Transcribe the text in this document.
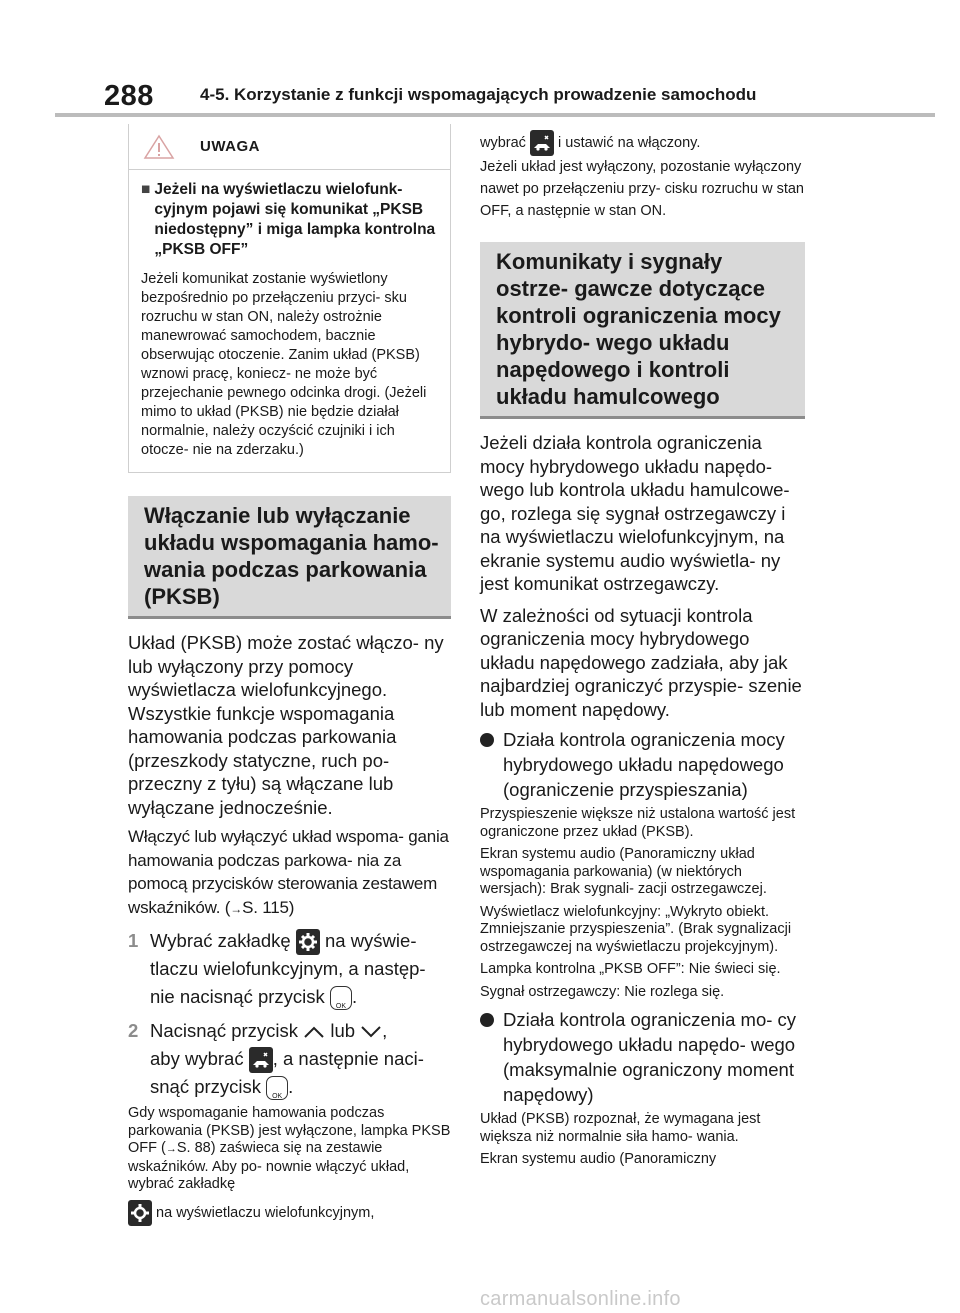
288	4-5. Korzystanie z funkcji wspomagających prowadzenie samochodu
UWAGA
■ Jeżeli na wyświetlaczu wielofunk- cyjnym pojawi się komunikat „PKSB niedostępny” i miga lampka kontrolna „PKSB OFF”
Jeżeli komunikat zostanie wyświetlony bezpośrednio po przełączeniu przyci- sku rozruchu w stan ON, należy ostrożnie manewrować samochodem, bacznie obserwując otoczenie. Zanim układ (PKSB) wznowi pracę, koniecz- ne może być przejechanie pewnego odcinka drogi. (Jeżeli mimo to układ (PKSB) nie będzie działał normalnie, należy oczyścić czujniki i ich otocze- nie na zderzaku.)
Włączanie lub wyłączanie układu wspomagania hamo- wania podczas parkowania (PKSB)
Układ (PKSB) może zostać włączo- ny lub wyłączony przy pomocy wyświetlacza wielofunkcyjnego. Wszystkie funkcje wspomagania hamowania podczas parkowania (przeszkody statyczne, ruch po- przeczny z tyłu) są włączane lub wyłączane jednocześnie.
Włączyć lub wyłączyć układ wspoma- gania hamowania podczas parkowa- nia za pomocą przycisków sterowania zestawem wskaźników. (→S. 115)
1 Wybrać zakładkę na wyświe- tlaczu wielofunkcyjnym, a następ- nie nacisnąć przycisk	OK .
2 Nacisnąć przycisk lub ,
aby wybrać , a następnie naci- snąć przycisk	OK .
Gdy wspomaganie hamowania podczas parkowania (PKSB) jest wyłączone, lampka PKSB OFF (→S. 88) zaświeca się na zestawie wskaźników. Aby po- nownie włączyć układ, wybrać zakładkę
na wyświetlaczu wielofunkcyjnym,
wybrać i ustawić na włączony.
Jeżeli układ jest wyłączony, pozostanie wyłączony nawet po przełączeniu przy- cisku rozruchu w stan OFF, a następnie w stan ON.
Komunikaty i sygnały ostrze- gawcze dotyczące kontroli ograniczenia mocy hybrydo- wego układu napędowego i kontroli układu hamulcowego
Jeżeli działa kontrola ograniczenia mocy hybrydowego układu napędo- wego lub kontrola układu hamulcowe- go, rozlega się sygnał ostrzegawczy i na wyświetlaczu wielofunkcyjnym, na ekranie systemu audio wyświetla- ny jest komunikat ostrzegawczy.
W zależności od sytuacji kontrola ograniczenia mocy hybrydowego układu napędowego zadziała, aby jak najbardziej ograniczyć przyspie- szenie lub moment napędowy.
Działa kontrola ograniczenia mocy hybrydowego układu napędowego (ograniczenie przyspieszania)
Przyspieszenie większe niż ustalona wartość jest ograniczone przez układ (PKSB).
Ekran systemu audio (Panoramiczny układ wspomagania parkowania) (w niektórych wersjach): Brak sygnali- zacji ostrzegawczej.
Wyświetlacz wielofunkcyjny: „Wykryto obiekt. Zmniejszanie przyspieszenia”. (Brak sygnalizacji ostrzegawczej na wyświetlaczu projekcyjnym).
Lampka kontrolna „PKSB OFF”: Nie świeci się.
Sygnał ostrzegawczy: Nie rozlega się.
Działa kontrola ograniczenia mo- cy hybrydowego układu napędo- wego (maksymalnie ograniczony moment napędowy)
Układ (PKSB) rozpoznał, że wymagana jest większa niż normalnie siła hamo- wania.
Ekran systemu audio (Panoramiczny
carmanualsonline.info
